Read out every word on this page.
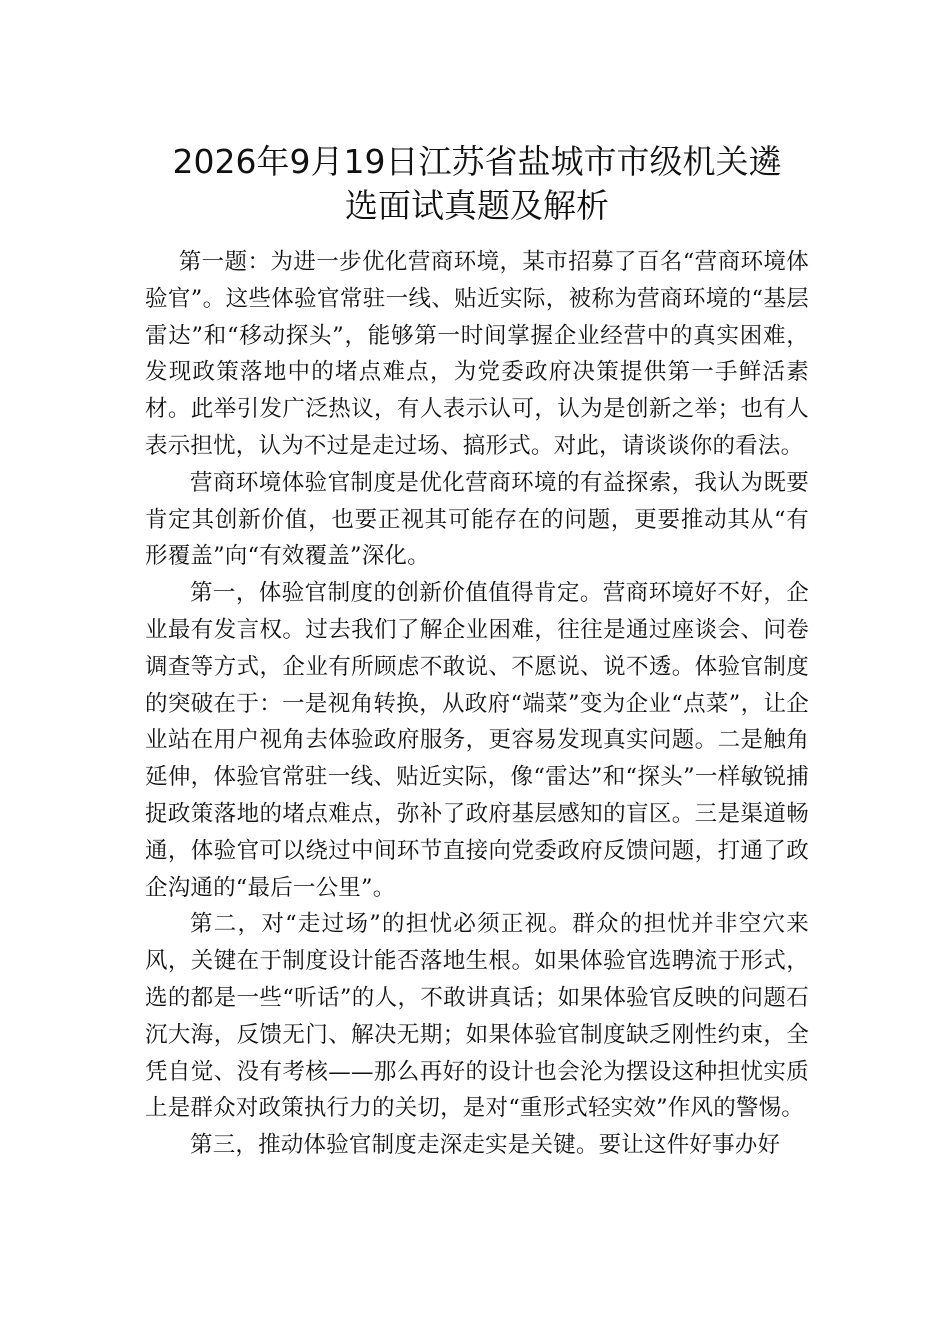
2026年9月19日江苏省盐城市市级机关遴
选面试真题及解析

第一题：为进一步优化营商环境，某市招募了百名“营商环境体验官”。这些体验官常驻一线、贴近实际，被称为营商环境的“基层雷达”和“移动探头”，能够第一时间掌握企业经营中的真实困难，发现政策落地中的堵点难点，为党委政府决策提供第一手鲜活素材。此举引发广泛热议，有人表示认可，认为是创新之举；也有人表示担忧，认为不过是走过场、搞形式。对此，请谈谈你的看法。

营商环境体验官制度是优化营商环境的有益探索，我认为既要肯定其创新价值，也要正视其可能存在的问题，更要推动其从“有形覆盖”向“有效覆盖”深化。

第一，体验官制度的创新价值值得肯定。营商环境好不好，企业最有发言权。过去我们了解企业困难，往往是通过座谈会、问卷调查等方式，企业有所顾虑不敢说、不愿说、说不透。体验官制度的突破在于：一是视角转换，从政府“端菜”变为企业“点菜”，让企业站在用户视角去体验政府服务，更容易发现真实问题。二是触角延伸，体验官常驻一线、贴近实际，像“雷达”和“探头”一样敏锐捕捉政策落地的堵点难点，弥补了政府基层感知的盲区。三是渠道畅通，体验官可以绕过中间环节直接向党委政府反馈问题，打通了政企沟通的“最后一公里”。

第二，对“走过场”的担忧必须正视。群众的担忧并非空穴来风，关键在于制度设计能否落地生根。如果体验官选聘流于形式，选的都是一些“听话”的人，不敢讲真话；如果体验官反映的问题石沉大海，反馈无门、解决无期；如果体验官制度缺乏刚性约束，全凭自觉、没有考核——那么再好的设计也会沦为摆设这种担忧实质上是群众对政策执行力的关切，是对“重形式轻实效”作风的警惕。

第三，推动体验官制度走深走实是关键。要让这件好事办好
